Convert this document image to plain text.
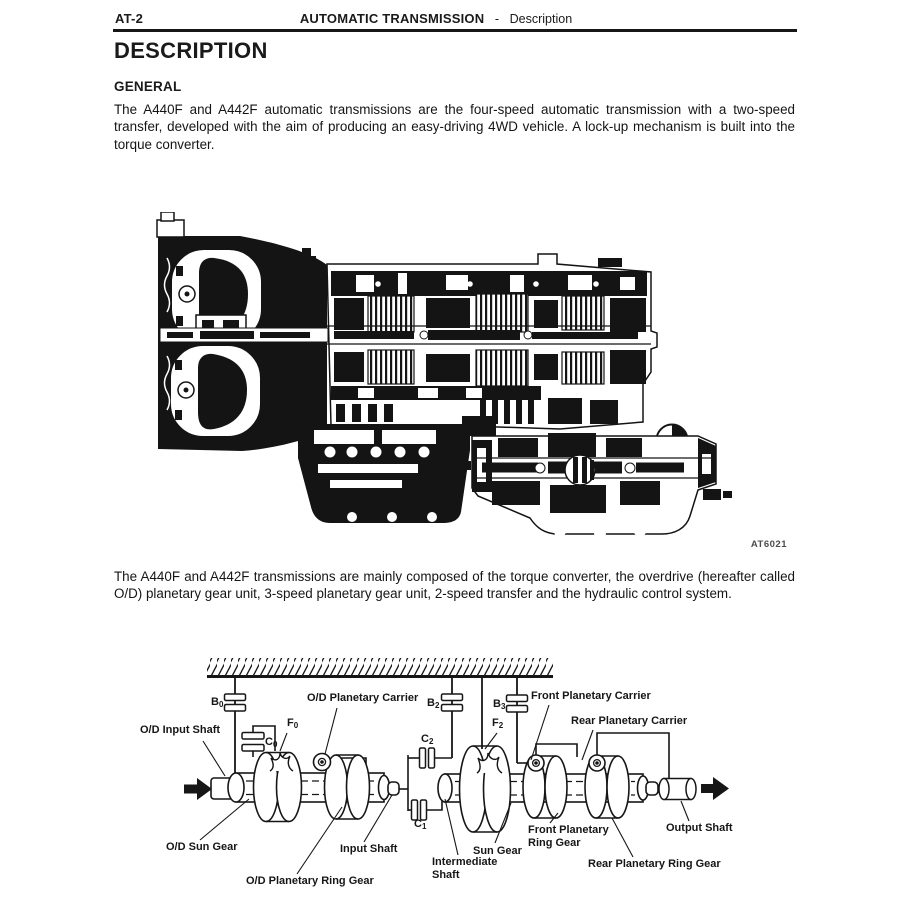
AT-2	AUTOMATIC TRANSMISSION - Description
DESCRIPTION
GENERAL
The A440F and A442F automatic transmissions are the four-speed automatic transmission with a two-speed transfer, developed with the aim of producing an easy-driving 4WD vehicle. A lock-up mechanism is built into the torque converter.
The A440F and A442F transmissions are mainly composed of the torque converter, the overdrive (hereafter called O/D) planetary gear unit, 3-speed planetary gear unit, 2-speed transfer and the hydraulic control system.
AT6021
O/D Input Shaft
$B_0$
$C_0$
$F_0$
O/D Planetary Carrier $B_2$
$C_2$
$B_3$
$F_2$
Front Planetary Carrier
Rear Planetary Carrier
O/D Sun Gear	Input Shaft
$C_1$
O/D Planetary Ring Gear
Intermediate Shaft
Sun Gear
Front Planetary Ring Gear
Rear Planetary Ring Gear
Output Shaft
